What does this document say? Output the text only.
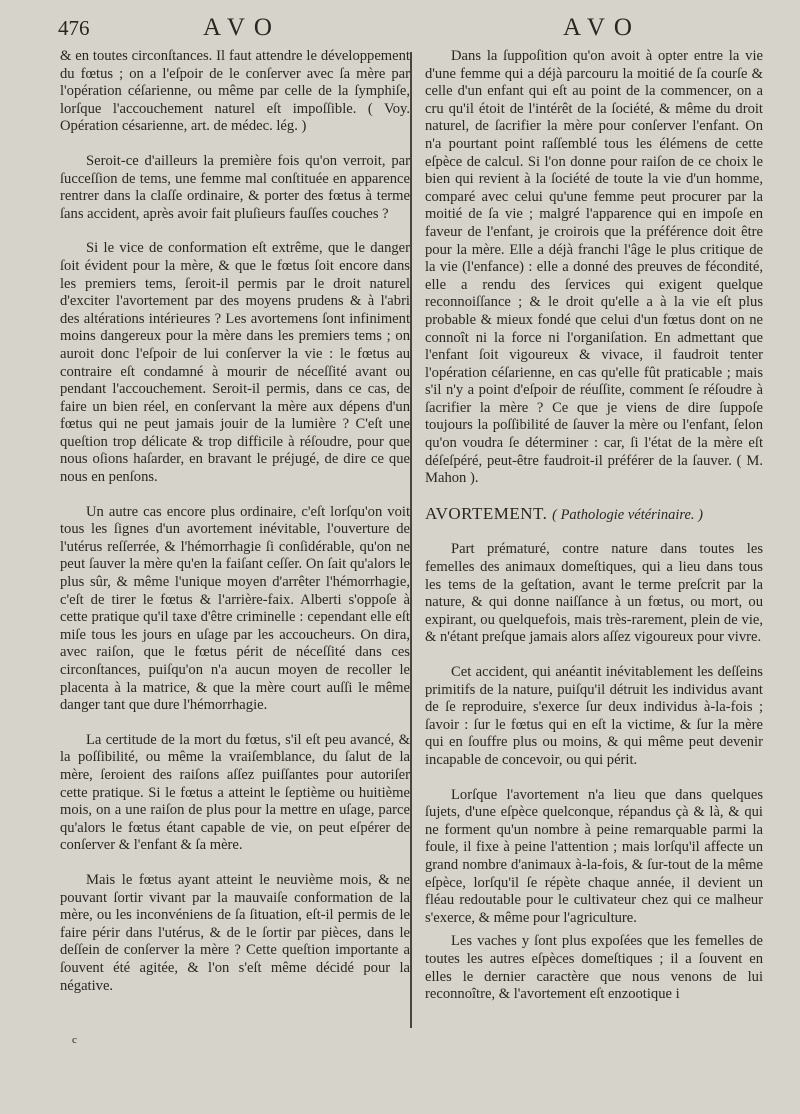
476	AVO	AVO

& en toutes circonſtances. Il faut attendre le développement du fœtus ; on a l'eſpoir de le conſerver avec ſa mère par l'opération céſarienne, ou même par celle de la ſymphiſe, lorſque l'accouchement naturel eſt impoſſible. ( Voy. Opération césarienne, art. de médec. lég. )

Seroit-ce d'ailleurs la première fois qu'on verroit, par ſucceſſion de tems, une femme mal conſtituée en apparence rentrer dans la claſſe ordinaire, & porter des fœtus à terme ſans accident, après avoir fait pluſieurs fauſſes couches ?

Si le vice de conformation eſt extrême, que le danger ſoit évident pour la mère, & que le fœtus ſoit encore dans les premiers tems, ſeroit-il permis par le droit naturel d'exciter l'avortement par des moyens prudens & à l'abri des altérations intérieures ? Les avortemens ſont infiniment moins dangereux pour la mère dans les premiers tems ; on auroit donc l'eſpoir de lui conſerver la vie : le fœtus au contraire eſt condamné à mourir de néceſſité avant ou pendant l'accouchement. Seroit-il permis, dans ce cas, de faire un bien réel, en conſervant la mère aux dépens d'un fœtus qui ne peut jamais jouir de la lumière ? C'eſt une queſtion trop délicate & trop difficile à réſoudre, pour que nous oſions haſarder, en bravant le préjugé, de dire ce que nous en penſons.

Un autre cas encore plus ordinaire, c'eſt lorſqu'on voit tous les ſignes d'un avortement inévitable, l'ouverture de l'utérus reſſerrée, & l'hémorrhagie ſi conſidérable, qu'on ne peut ſauver la mère qu'en la faiſant ceſſer. On ſait qu'alors le plus sûr, & même l'unique moyen d'arrêter l'hémorrhagie, c'eſt de tirer le fœtus & l'arrière-faix. Alberti s'oppoſe à cette pratique qu'il taxe d'être criminelle : cependant elle eſt miſe tous les jours en uſage par les accoucheurs. On dira, avec raiſon, que le fœtus périt de néceſſité dans ces circonſtances, puiſqu'on n'a aucun moyen de recoller le placenta à la matrice, & que la mère court auſſi le même danger tant que dure l'hémorrhagie.

La certitude de la mort du fœtus, s'il eſt peu avancé, & la poſſibilité, ou même la vraiſemblance, du ſalut de la mère, ſeroient des raiſons aſſez puiſſantes pour autoriſer cette pratique. Si le fœtus a atteint le ſeptième ou huitième mois, on a une raiſon de plus pour la mettre en uſage, parce qu'alors le fœtus étant capable de vie, on peut eſpérer de conſerver & l'enfant & ſa mère.

Mais le fœtus ayant atteint le neuvième mois, & ne pouvant ſortir vivant par la mauvaiſe conformation de la mère, ou les inconvéniens de ſa ſituation, eſt-il permis de le faire périr dans l'utérus, & de le ſortir par pièces, dans le deſſein de conſerver la mère ? Cette queſtion importante a ſouvent été agitée, & l'on s'eſt même décidé pour la négative.

Dans la ſuppoſition qu'on avoit à opter entre la vie d'une femme qui a déjà parcouru la moitié de ſa courſe & celle d'un enfant qui eſt au point de la commencer, on a cru qu'il étoit de l'intérêt de la ſociété, & même du droit naturel, de ſacrifier la mère pour conſerver l'enfant. On n'a pourtant point raſſemblé tous les élémens de cette eſpèce de calcul. Si l'on donne pour raiſon de ce choix le bien qui revient à la ſociété de toute la vie d'un homme, comparé avec celui qu'une femme peut procurer par la moitié de ſa vie ; malgré l'apparence qui en impoſe en faveur de l'enfant, je croirois que la préférence doit être pour la mère. Elle a déjà franchi l'âge le plus critique de la vie (l'enfance) : elle a donné des preuves de fécondité, elle a rendu des ſervices qui exigent quelque reconnoiſſance ; & le droit qu'elle a à la vie eſt plus probable & mieux fondé que celui d'un fœtus dont on ne connoît ni la force ni l'organiſation. En admettant que l'enfant ſoit vigoureux & vivace, il faudroit tenter l'opération céſarienne, en cas qu'elle fût praticable ; mais s'il n'y a point d'eſpoir de réuſſite, comment ſe réſoudre à ſacrifier la mère ? Ce que je viens de dire ſuppoſe toujours la poſſibilité de ſauver la mère ou l'enfant, ſelon qu'on voudra ſe déterminer : car, ſi l'état de la mère eſt déſeſpéré, peut-être faudroit-il préférer de la ſauver. ( M. Mahon ).

AVORTEMENT. ( Pathologie vétérinaire. )

Part prématuré, contre nature dans toutes les femelles des animaux domeſtiques, qui a lieu dans tous les tems de la geſtation, avant le terme preſcrit par la nature, & qui donne naiſſance à un fœtus, ou mort, ou expirant, ou quelquefois, mais très-rarement, plein de vie, & n'étant preſque jamais alors aſſez vigoureux pour vivre.

Cet accident, qui anéantit inévitablement les deſſeins primitifs de la nature, puiſqu'il détruit les individus avant de ſe reproduire, s'exerce ſur deux individus à-la-fois ; ſavoir : ſur le fœtus qui en eſt la victime, & ſur la mère qui en ſouffre plus ou moins, & qui même peut devenir incapable de concevoir, ou qui périt.

Lorſque l'avortement n'a lieu que dans quelques ſujets, d'une eſpèce quelconque, répandus çà & là, & qui ne forment qu'un nombre à peine remarquable parmi la foule, il fixe à peine l'attention ; mais lorſqu'il affecte un grand nombre d'animaux à-la-fois, & ſur-tout de la même eſpèce, lorſqu'il ſe répète chaque année, il devient un fléau redoutable pour le cultivateur chez qui ce malheur s'exerce, & même pour l'agriculture.

Les vaches y ſont plus expoſées que les femelles de toutes les autres eſpèces domeſtiques ; il a ſouvent en elles le dernier caractère que nous venons de lui reconnoître, & l'avortement eſt enzootique i

c
